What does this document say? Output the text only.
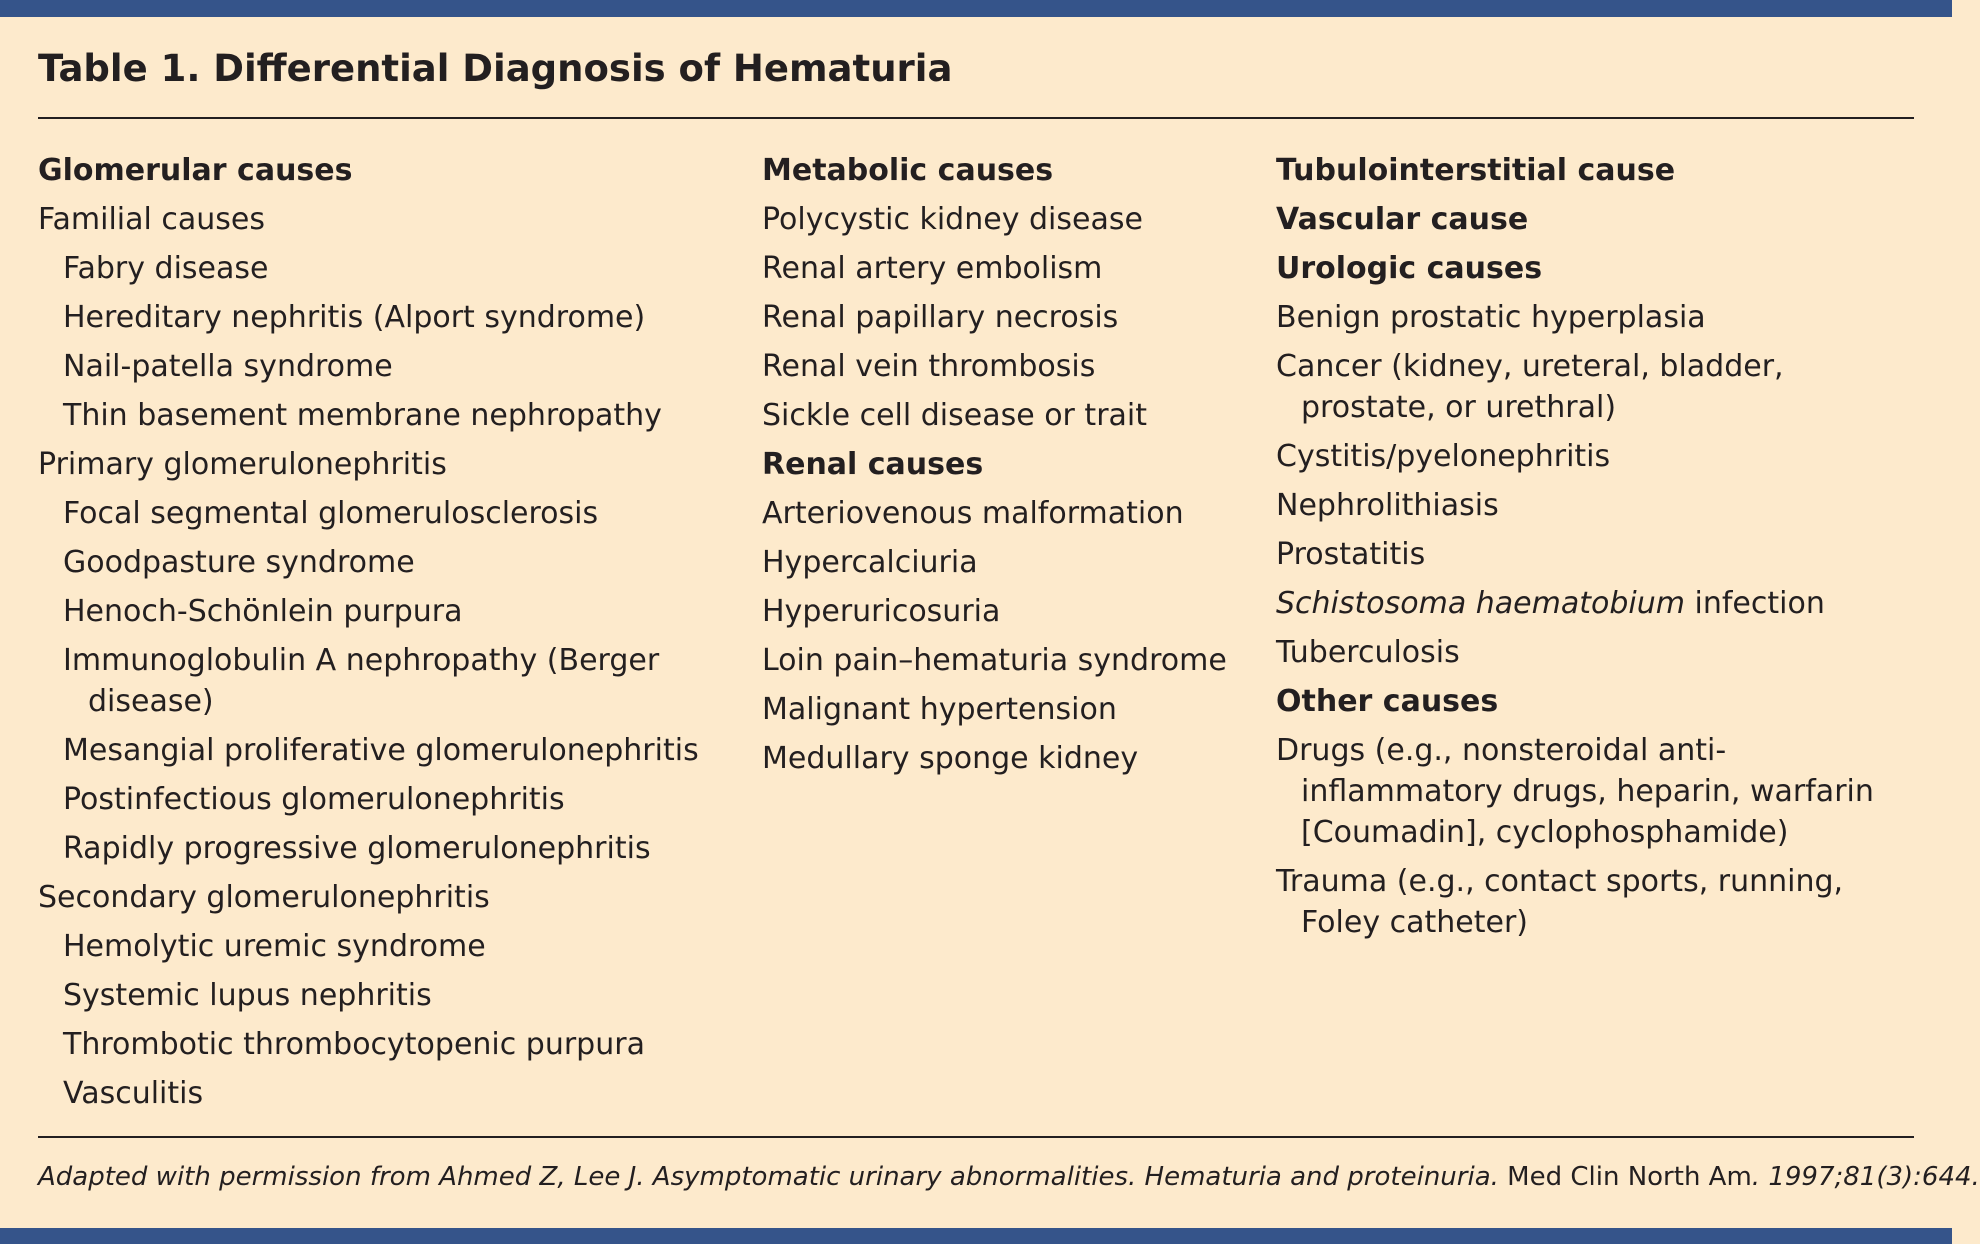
Table 1. Differential Diagnosis of Hematuria
Glomerular causes
Familial causes
Fabry disease
Hereditary nephritis (Alport syndrome)
Nail-patella syndrome
Thin basement membrane nephropathy
Primary glomerulonephritis
Focal segmental glomerulosclerosis
Goodpasture syndrome
Henoch-Schönlein purpura
Immunoglobulin A nephropathy (Berger disease)
Mesangial proliferative glomerulonephritis
Postinfectious glomerulonephritis
Rapidly progressive glomerulonephritis
Secondary glomerulonephritis
Hemolytic uremic syndrome
Systemic lupus nephritis
Thrombotic thrombocytopenic purpura
Vasculitis
Metabolic causes
Polycystic kidney disease
Renal artery embolism
Renal papillary necrosis
Renal vein thrombosis
Sickle cell disease or trait
Renal causes
Arteriovenous malformation
Hypercalciuria
Hyperuricosuria
Loin pain–hematuria syndrome
Malignant hypertension
Medullary sponge kidney
Tubulointerstitial cause
Vascular cause
Urologic causes
Benign prostatic hyperplasia
Cancer (kidney, ureteral, bladder, prostate, or urethral)
Cystitis/pyelonephritis
Nephrolithiasis
Prostatitis
Schistosoma haematobium infection
Tuberculosis
Other causes
Drugs (e.g., nonsteroidal anti-inflammatory drugs, heparin, warfarin [Coumadin], cyclophosphamide)
Trauma (e.g., contact sports, running, Foley catheter)
Adapted with permission from Ahmed Z, Lee J. Asymptomatic urinary abnormalities. Hematuria and proteinuria. Med Clin North Am. 1997;81(3):644.
